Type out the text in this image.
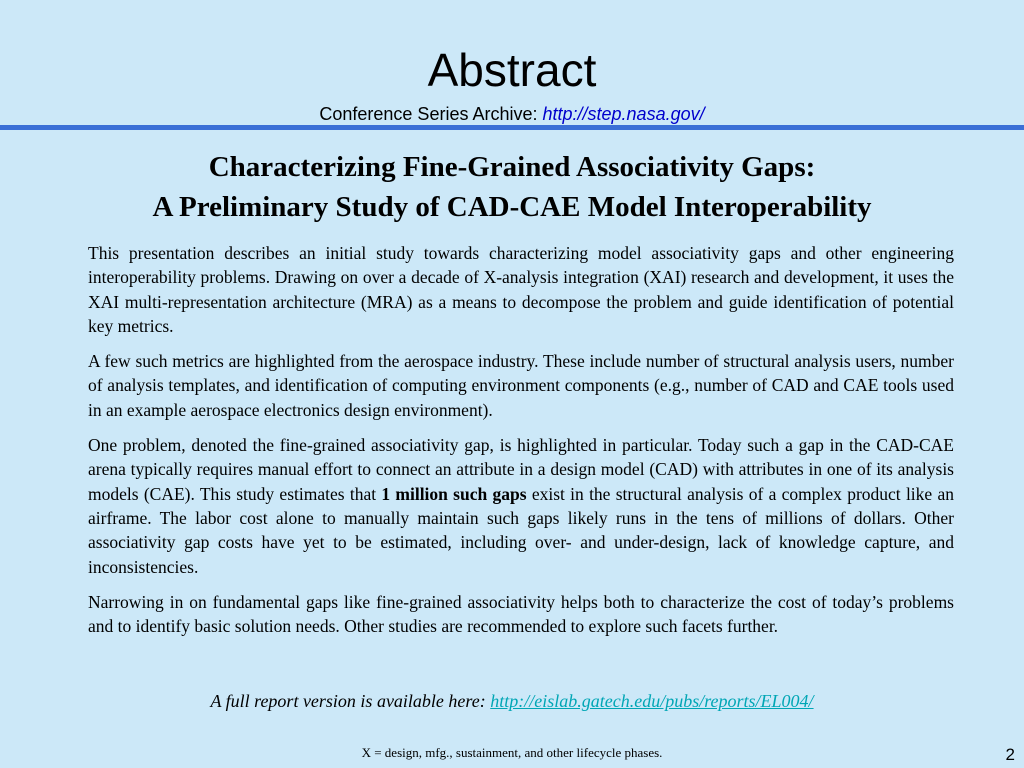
Abstract
Conference Series Archive: http://step.nasa.gov/
Characterizing Fine-Grained Associativity Gaps:
A Preliminary Study of CAD-CAE Model Interoperability

This presentation describes an initial study towards characterizing model associativity gaps and other engineering interoperability problems. Drawing on over a decade of X-analysis integration (XAI) research and development, it uses the XAI multi-representation architecture (MRA) as a means to decompose the problem and guide identification of potential key metrics.

A few such metrics are highlighted from the aerospace industry. These include number of structural analysis users, number of analysis templates, and identification of computing environment components (e.g., number of CAD and CAE tools used in an example aerospace electronics design environment).

One problem, denoted the fine-grained associativity gap, is highlighted in particular. Today such a gap in the CAD-CAE arena typically requires manual effort to connect an attribute in a design model (CAD) with attributes in one of its analysis models (CAE). This study estimates that 1 million such gaps exist in the structural analysis of a complex product like an airframe. The labor cost alone to manually maintain such gaps likely runs in the tens of millions of dollars. Other associativity gap costs have yet to be estimated, including over- and under-design, lack of knowledge capture, and inconsistencies.

Narrowing in on fundamental gaps like fine-grained associativity helps both to characterize the cost of today’s problems and to identify basic solution needs. Other studies are recommended to explore such facets further.

A full report version is available here: http://eislab.gatech.edu/pubs/reports/EL004/
X = design, mfg., sustainment, and other lifecycle phases.	2
